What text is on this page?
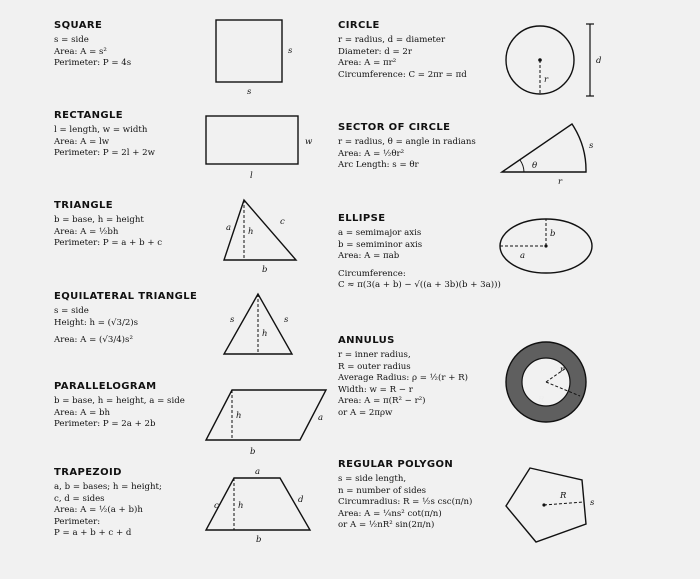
SQUARE
s = side
Area: A = s²
Perimeter: P = 4s
s
s
RECTANGLE
l = length, w = width
Area: A = lw
Perimeter: P = 2l + 2w
w
l
TRIANGLE
b = base, h = height
Area: A = ½bh
Perimeter: P = a + b + c
a h
c
b
EQUILATERAL TRIANGLE
s = side
Height: h = (√3/2)s
Area: A = (√3/4)s²
s	s
h
PARALLELOGRAM
b = base, h = height, a = side
Area: A = bh
Perimeter: P = 2a + 2b
h	a
b
TRAPEZOID
a, b = bases; h = height;
c, d = sides
Area: A = ½(a + b)h
Perimeter:
P = a + b + c + d
a
c h
d
b
CIRCLE
r = radius, d = diameter
Diameter: d = 2r
Area: A = πr²
Circumference: C = 2πr = πd
r
d
SECTOR OF CIRCLE
r = radius, θ = angle in radians
Area: A = ½θr²
Arc Length: s = θr
s
θ
r
ELLIPSE
a = semimajor axis
b = semiminor axis
Area: A = πab
Circumference:
C ≈ π(3(a + b) − √((a + 3b)(b + 3a)))
b
a
ANNULUS
r = inner radius,
R = outer radius
Average Radius: ρ = ½(r + R)
Width: w = R − r
Area: A = π(R² − r²)
or A = 2πρw
r
R
REGULAR POLYGON
s = side length,
n = number of sides
Circumradius: R = ½s csc(π/n)
Area: A = ¼ns² cot(π/n)
or A = ½nR² sin(2π/n)
R
s
